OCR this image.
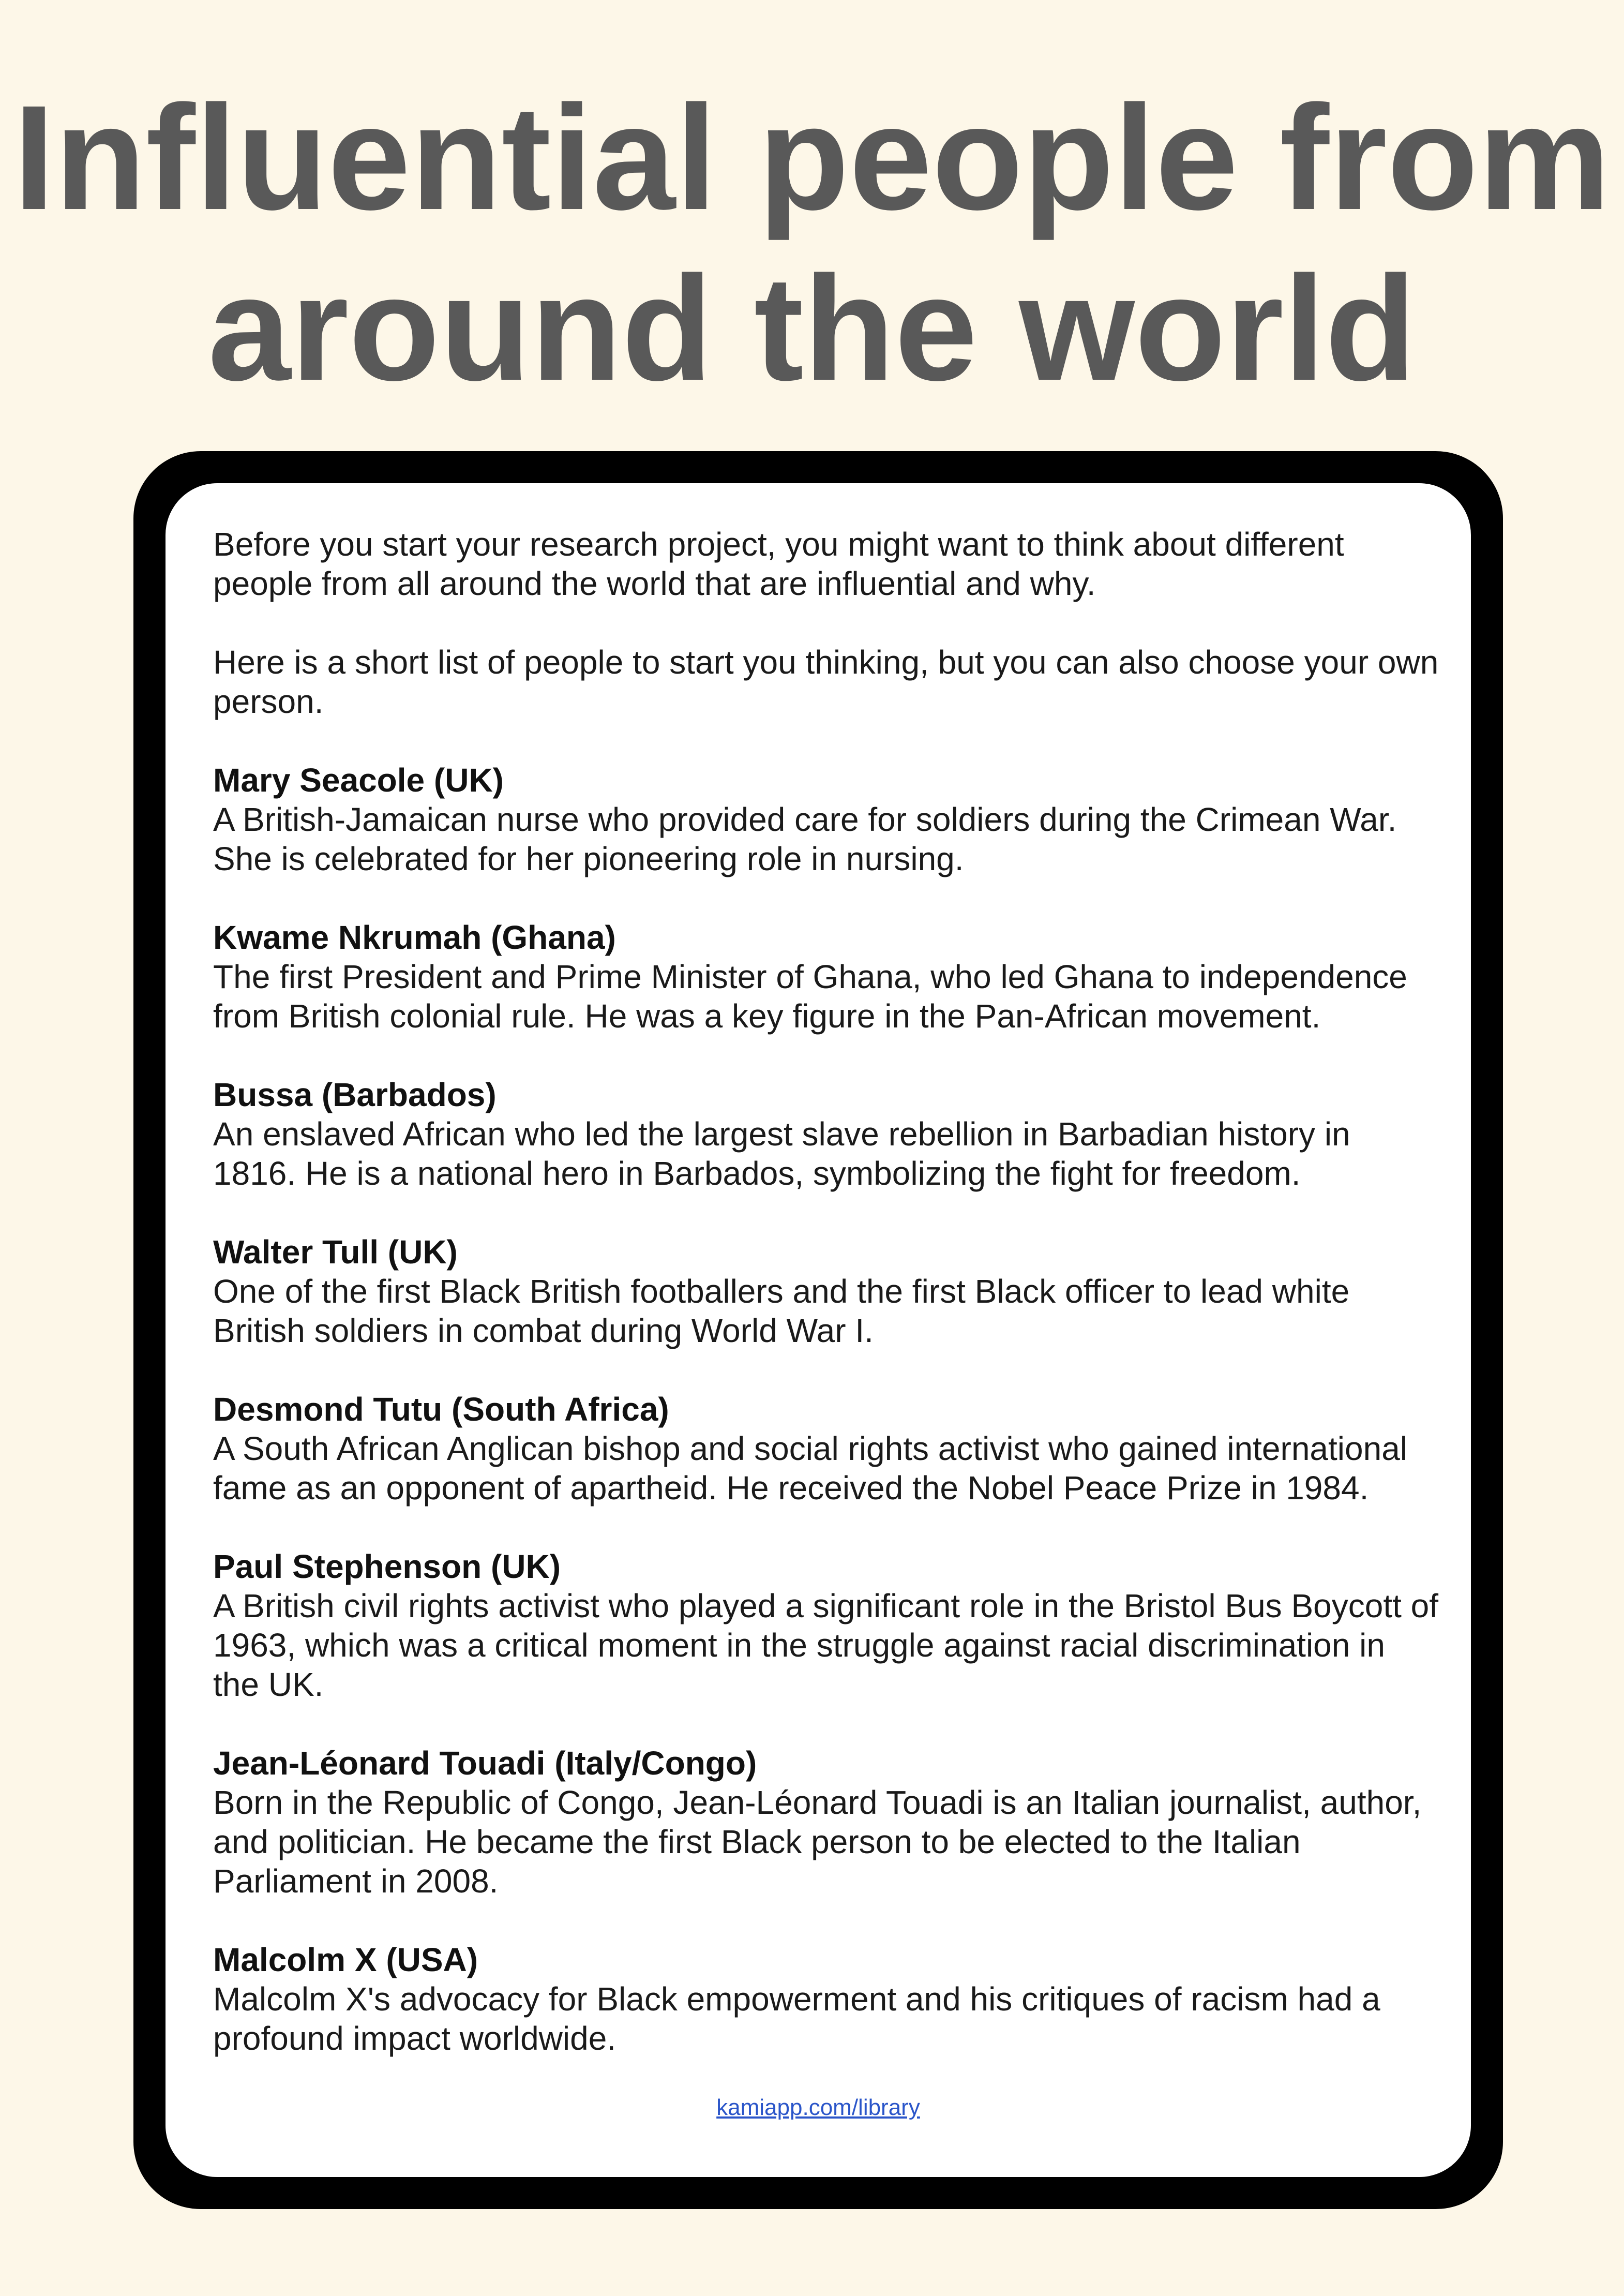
Influential people from around the world

Before you start your research project, you might want to think about different people from all around the world that are influential and why.

Here is a short list of people to start you thinking, but you can also choose your own person.

Mary Seacole (UK)
A British-Jamaican nurse who provided care for soldiers during the Crimean War. She is celebrated for her pioneering role in nursing.
Kwame Nkrumah (Ghana)
The first President and Prime Minister of Ghana, who led Ghana to independence from British colonial rule. He was a key figure in the Pan-African movement.
Bussa (Barbados)
An enslaved African who led the largest slave rebellion in Barbadian history in 1816. He is a national hero in Barbados, symbolizing the fight for freedom.
Walter Tull (UK)
One of the first Black British footballers and the first Black officer to lead white British soldiers in combat during World War I.
Desmond Tutu (South Africa)
A South African Anglican bishop and social rights activist who gained international fame as an opponent of apartheid. He received the Nobel Peace Prize in 1984.
Paul Stephenson (UK)
A British civil rights activist who played a significant role in the Bristol Bus Boycott of 1963, which was a critical moment in the struggle against racial discrimination in the UK.
Jean-Léonard Touadi (Italy/Congo)
Born in the Republic of Congo, Jean-Léonard Touadi is an Italian journalist, author, and politician. He became the first Black person to be elected to the Italian Parliament in 2008.
Malcolm X (USA)
Malcolm X's advocacy for Black empowerment and his critiques of racism had a profound impact worldwide.
kamiapp.com/library
